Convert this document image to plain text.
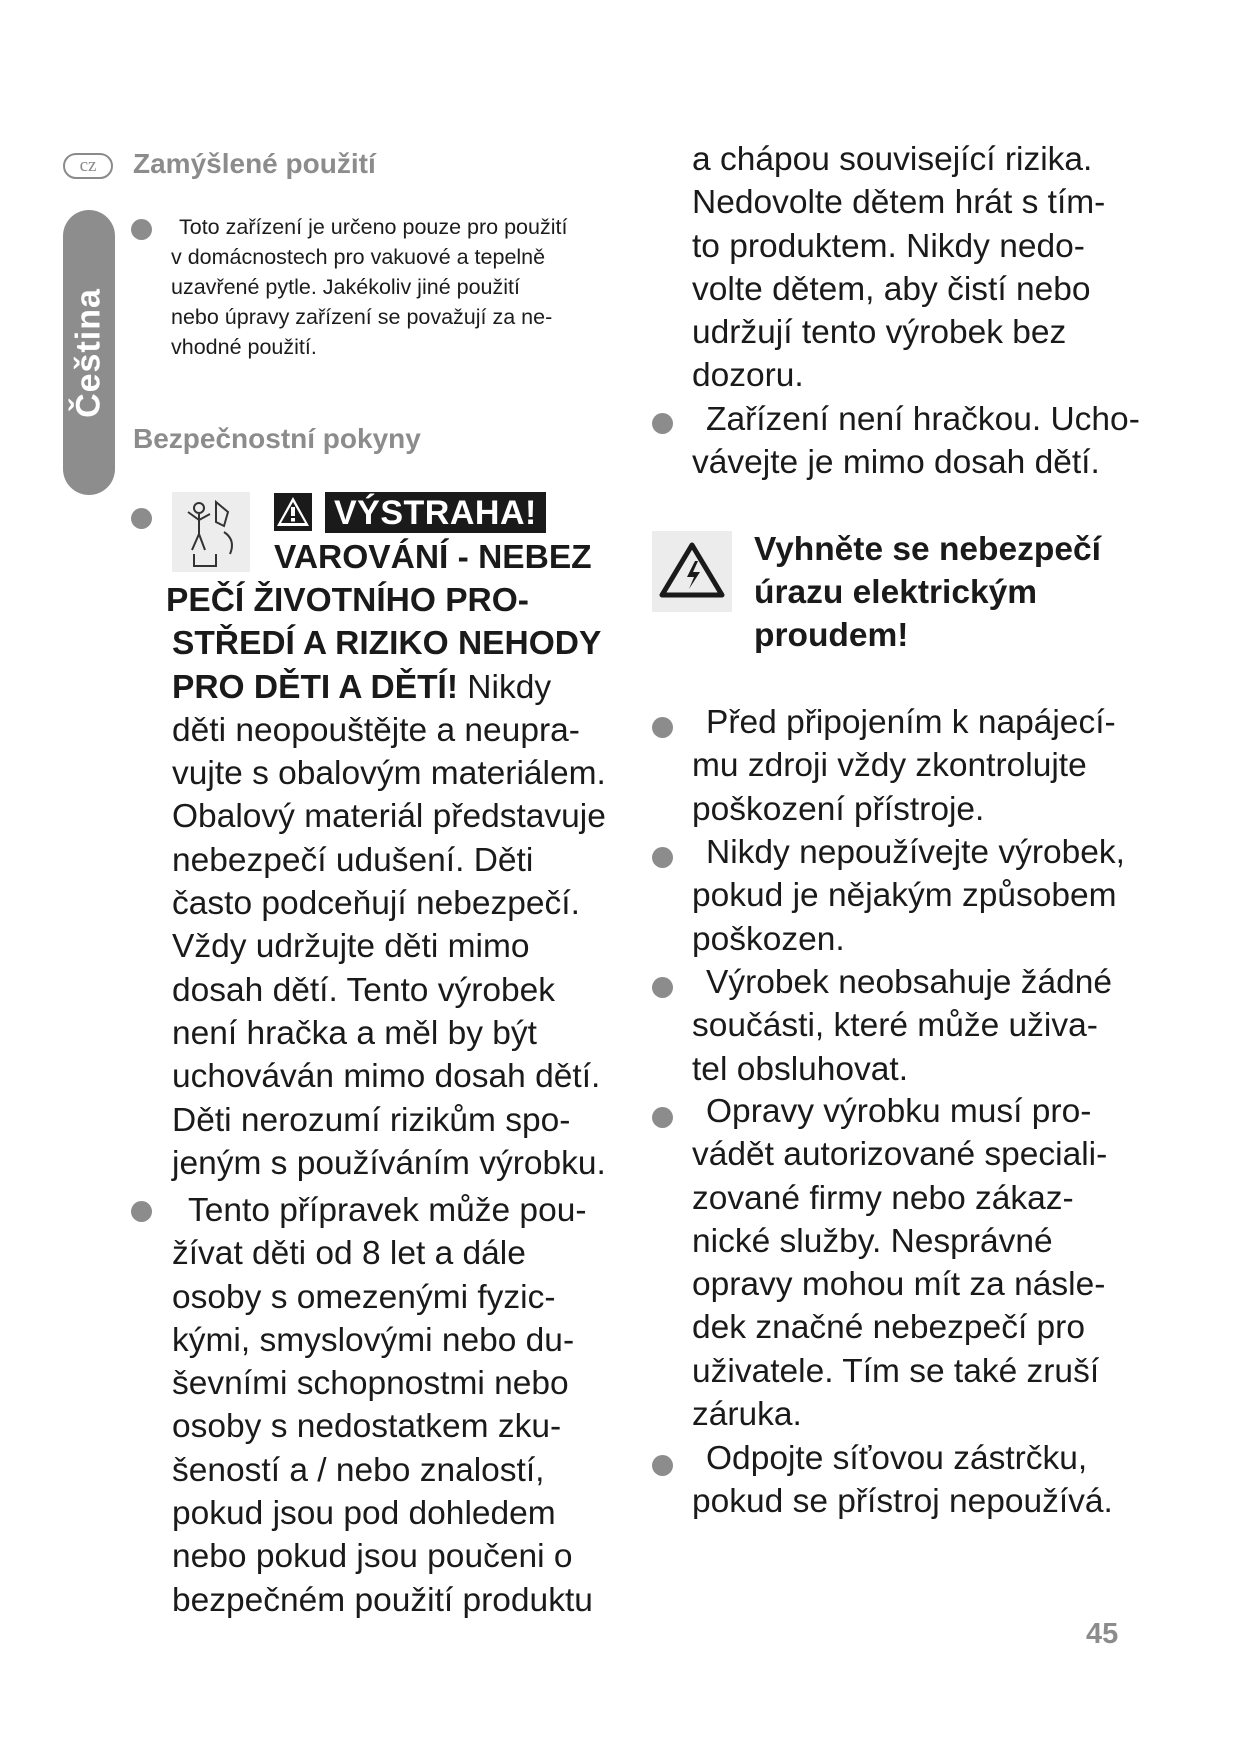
Čeština
cz	Zamýšlené použití
Toto zařízení je určeno pouze pro použití
v domácnostech pro vakuové a tepelně
uzavřené pytle. Jakékoliv jiné použití
nebo úpravy zařízení se považují za ne-
vhodné použití.
Bezpečnostní pokyny
VÝSTRAHA!
VAROVÁNÍ - NEBEZ
PEČÍ ŽIVOTNÍHO PRO-
STŘEDÍ A RIZIKO NEHODY
PRO DĚTI A DĚTÍ! Nikdy
děti neopouštějte a neupra-
vujte s obalovým materiálem.
Obalový materiál představuje
nebezpečí udušení. Děti
často podceňují nebezpečí.
Vždy udržujte děti mimo
dosah dětí. Tento výrobek
není hračka a měl by být
uchováván mimo dosah dětí.
Děti nerozumí rizikům spo-
jeným s používáním výrobku.
Tento přípravek může pou-
žívat děti od 8 let a dále
osoby s omezenými fyzic-
kými, smyslovými nebo du-
ševními schopnostmi nebo
osoby s nedostatkem zku-
šeností a / nebo znalostí,
pokud jsou pod dohledem
nebo pokud jsou poučeni o
bezpečném použití produktu
a chápou související rizika.
Nedovolte dětem hrát s tím-
to produktem. Nikdy nedo-
volte dětem, aby čistí nebo
udržují tento výrobek bez
dozoru.
Zařízení není hračkou. Ucho-
vávejte je mimo dosah dětí.
Vyhněte se nebezpečí
úrazu elektrickým
proudem!
Před připojením k napájecí-
mu zdroji vždy zkontrolujte
poškození přístroje.
Nikdy nepoužívejte výrobek,
pokud je nějakým způsobem
poškozen.
Výrobek neobsahuje žádné
součásti, které může uživa-
tel obsluhovat.
Opravy výrobku musí pro-
vádět autorizované speciali-
zované firmy nebo zákaz-
nické služby. Nesprávné
opravy mohou mít za násle-
dek značné nebezpečí pro
uživatele. Tím se také zruší
záruka.
Odpojte síťovou zástrčku,
pokud se přístroj nepoužívá.
45
